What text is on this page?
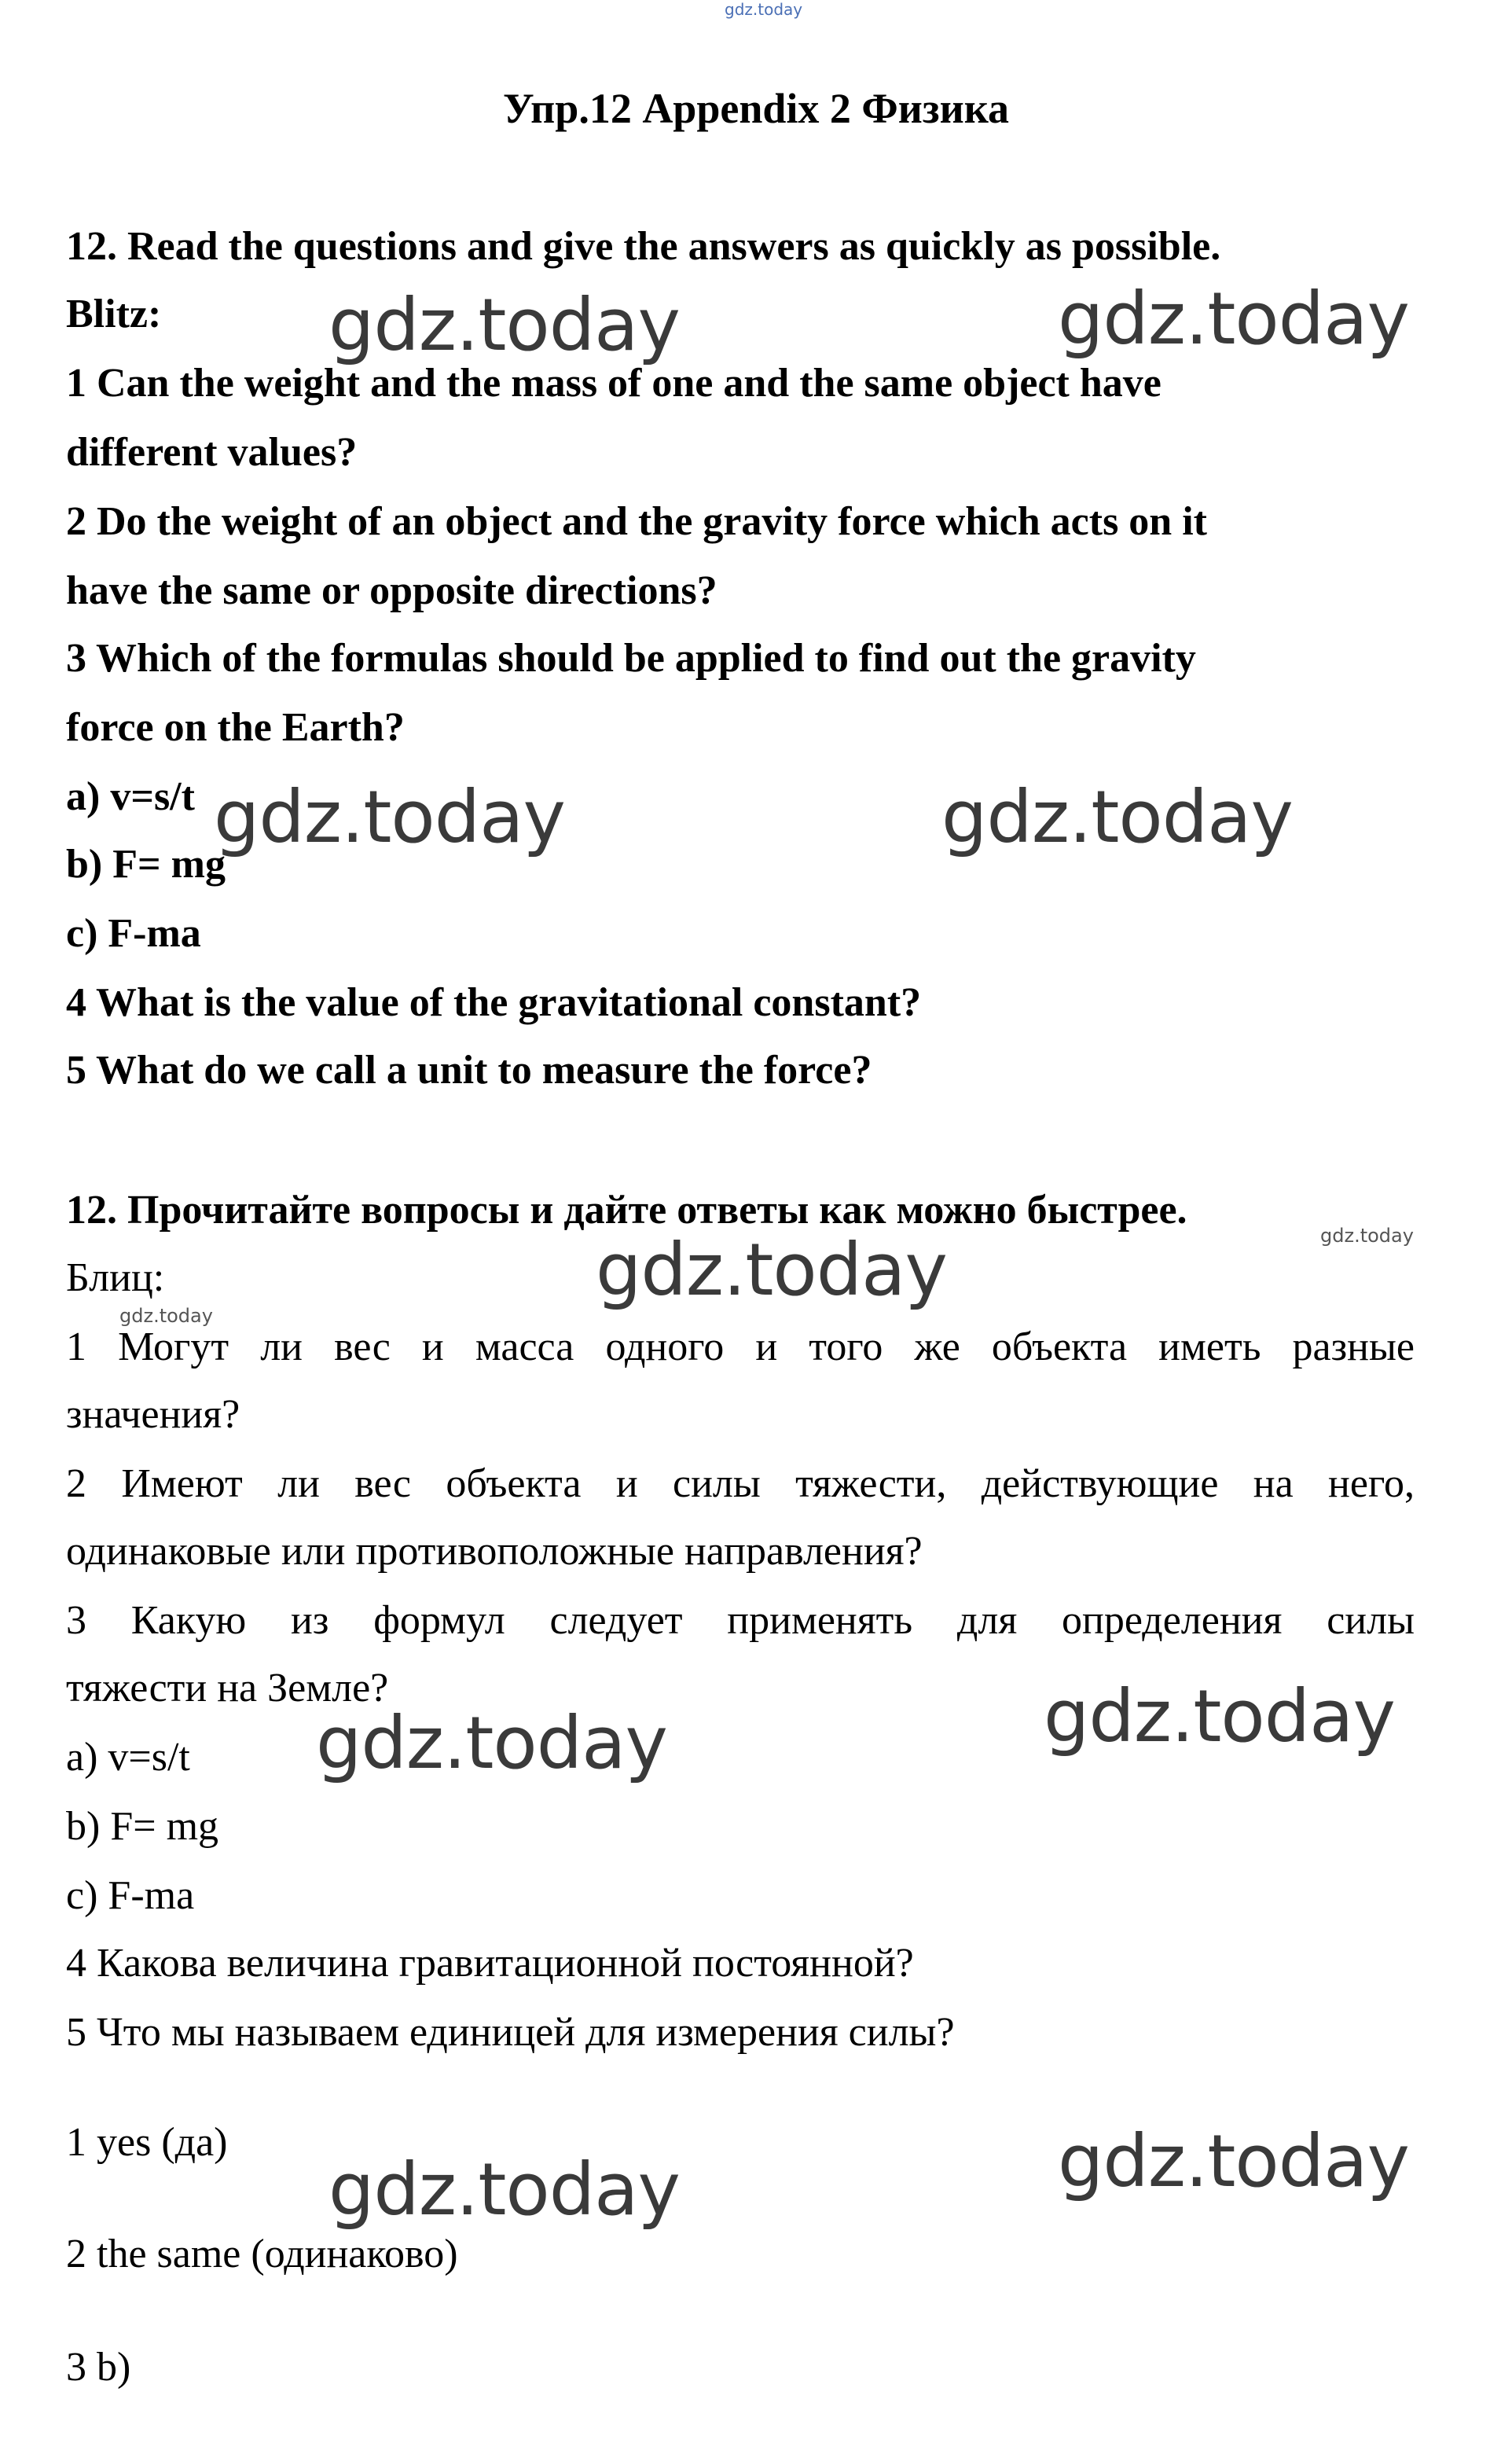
gdz.today
Упр.12 Appendix 2 Физика
12. Read the questions and give the answers as quickly as possible.
Blitz:
1 Can the weight and the mass of one and the same object have
different values?
2 Do the weight of an object and the gravity force which acts on it
have the same or opposite directions?
3 Which of the formulas should be applied to find out the gravity
force on the Earth?
a) v=s/t
b) F= mg
c) F-ma
4 What is the value of the gravitational constant?
5 What do we call a unit to measure the force?
12. Прочитайте вопросы и дайте ответы как можно быстрее.
Блиц:
1 Могут ли вес и масса одного и того же объекта иметь разные
значения?
2 Имеют ли вес объекта и силы тяжести, действующие на него,
одинаковые или противоположные направления?
3 Какую из формул следует применять для определения силы
тяжести на Земле?
a) v=s/t
b) F= mg
c) F-ma
4 Какова величина гравитационной постоянной?
5 Что мы называем единицей для измерения силы?
1 yes (да)
2 the same (одинаково)
3 b)
gdz.today	gdz.today
gdz.today	gdz.today
gdz.today
gdz.today
gdz.today
gdz.today
gdz.today
gdz.today
gdz.today
